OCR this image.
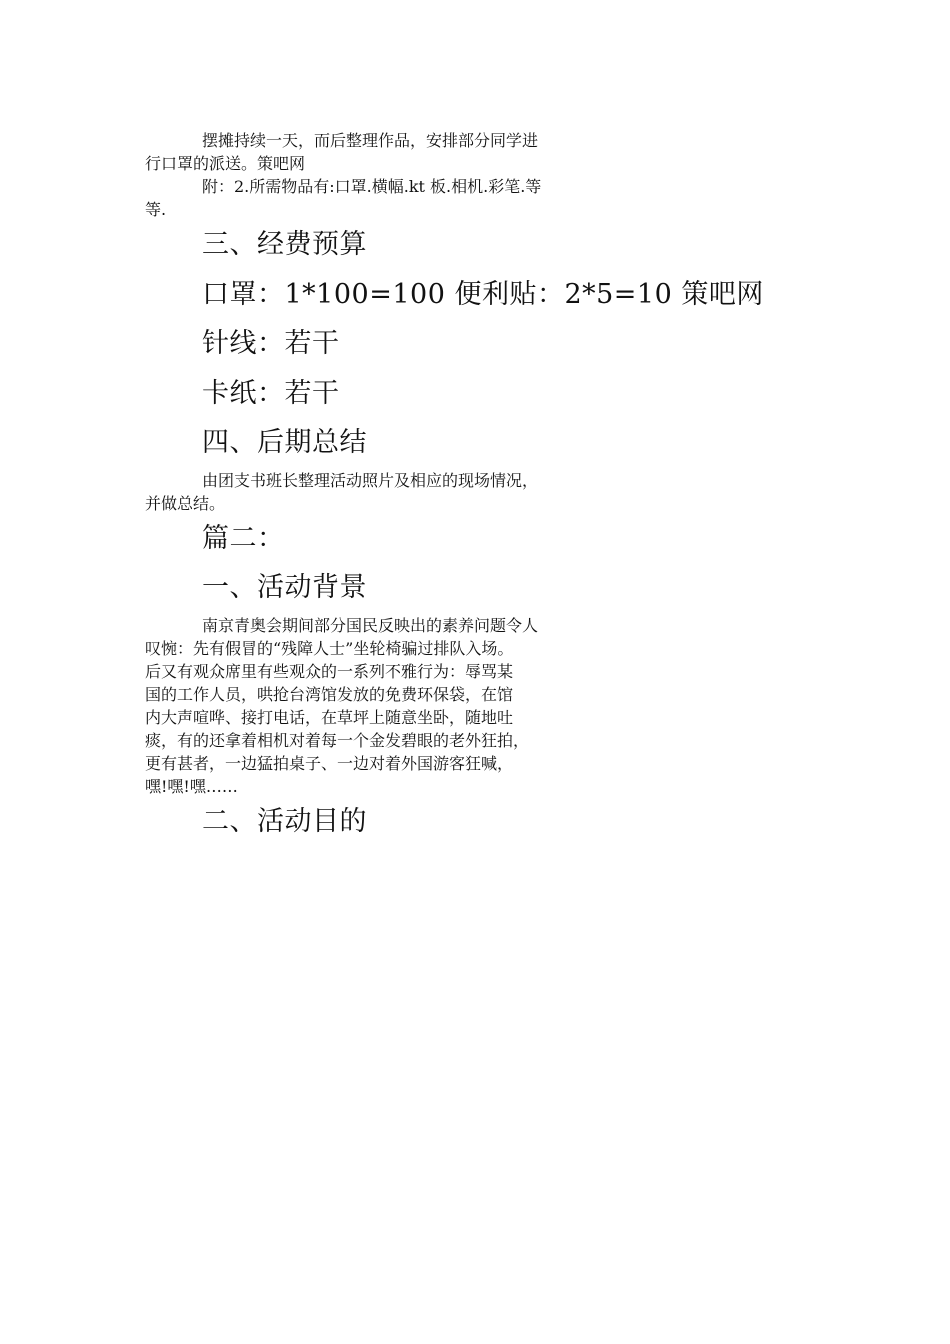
摆摊持续一天，而后整理作品，安排部分同学进
行口罩的派送。策吧网
附：2.所需物品有:口罩.横幅.kt 板.相机.彩笔.等
等.

三、经费预算

口罩：1*100=100 便利贴：2*5=10 策吧网

针线：若干

卡纸：若干

四、后期总结

由团支书班长整理活动照片及相应的现场情况，
并做总结。

篇二：

一、活动背景

南京青奥会期间部分国民反映出的素养问题令人
叹惋：先有假冒的“残障人士”坐轮椅骗过排队入场。
后又有观众席里有些观众的一系列不雅行为：辱骂某
国的工作人员，哄抢台湾馆发放的免费环保袋，在馆
内大声喧哗、接打电话，在草坪上随意坐卧，随地吐
痰，有的还拿着相机对着每一个金发碧眼的老外狂拍，
更有甚者，一边猛拍桌子、一边对着外国游客狂喊，
嘿!嘿!嘿……

二、活动目的
